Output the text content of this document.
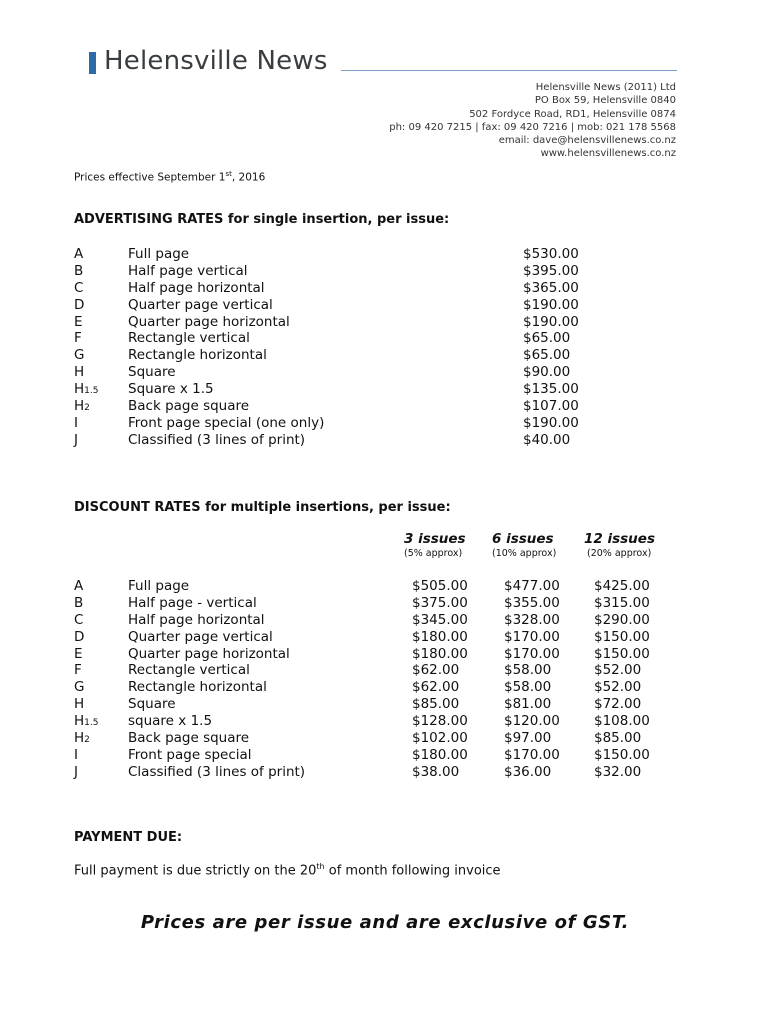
Helensville News
Helensville News (2011) Ltd
PO Box 59, Helensville 0840
502 Fordyce Road, RD1, Helensville 0874
ph: 09 420 7215 | fax: 09 420 7216 | mob: 021 178 5568
email: dave@helensvillenews.co.nz
www.helensvillenews.co.nz
Prices effective September 1st, 2016
ADVERTISING RATES for single insertion, per issue:
A	Full page	$530.00
B	Half page vertical	$395.00
C	Half page horizontal	$365.00
D	Quarter page vertical	$190.00
E	Quarter page horizontal	$190.00
F	Rectangle vertical	$65.00
G	Rectangle horizontal	$65.00
H	Square	$90.00
H1.5 Square x 1.5	$135.00
H2	Back page square	$107.00
I	Front page special (one only)	$190.00
J	Classified (3 lines of print)	$40.00
DISCOUNT RATES for multiple insertions, per issue:
3 issues 6 issues 12 issues
(5% approx)	(10% approx)	(20% approx)
A	Full page	$505.00	$477.00	$425.00
B	Half page - vertical	$375.00	$355.00	$315.00
C	Half page horizontal	$345.00	$328.00	$290.00
D	Quarter page vertical	$180.00	$170.00	$150.00
E	Quarter page horizontal	$180.00	$170.00	$150.00
F	Rectangle vertical	$62.00	$58.00	$52.00
G	Rectangle horizontal	$62.00	$58.00	$52.00
H	Square	$85.00	$81.00	$72.00
H1.5 square x 1.5	$128.00	$120.00	$108.00
H2	Back page square	$102.00	$97.00	$85.00
I	Front page special	$180.00	$170.00	$150.00
J	Classified (3 lines of print)	$38.00	$36.00	$32.00
PAYMENT DUE:
Full payment is due strictly on the 20th of month following invoice
Prices are per issue and are exclusive of GST.
